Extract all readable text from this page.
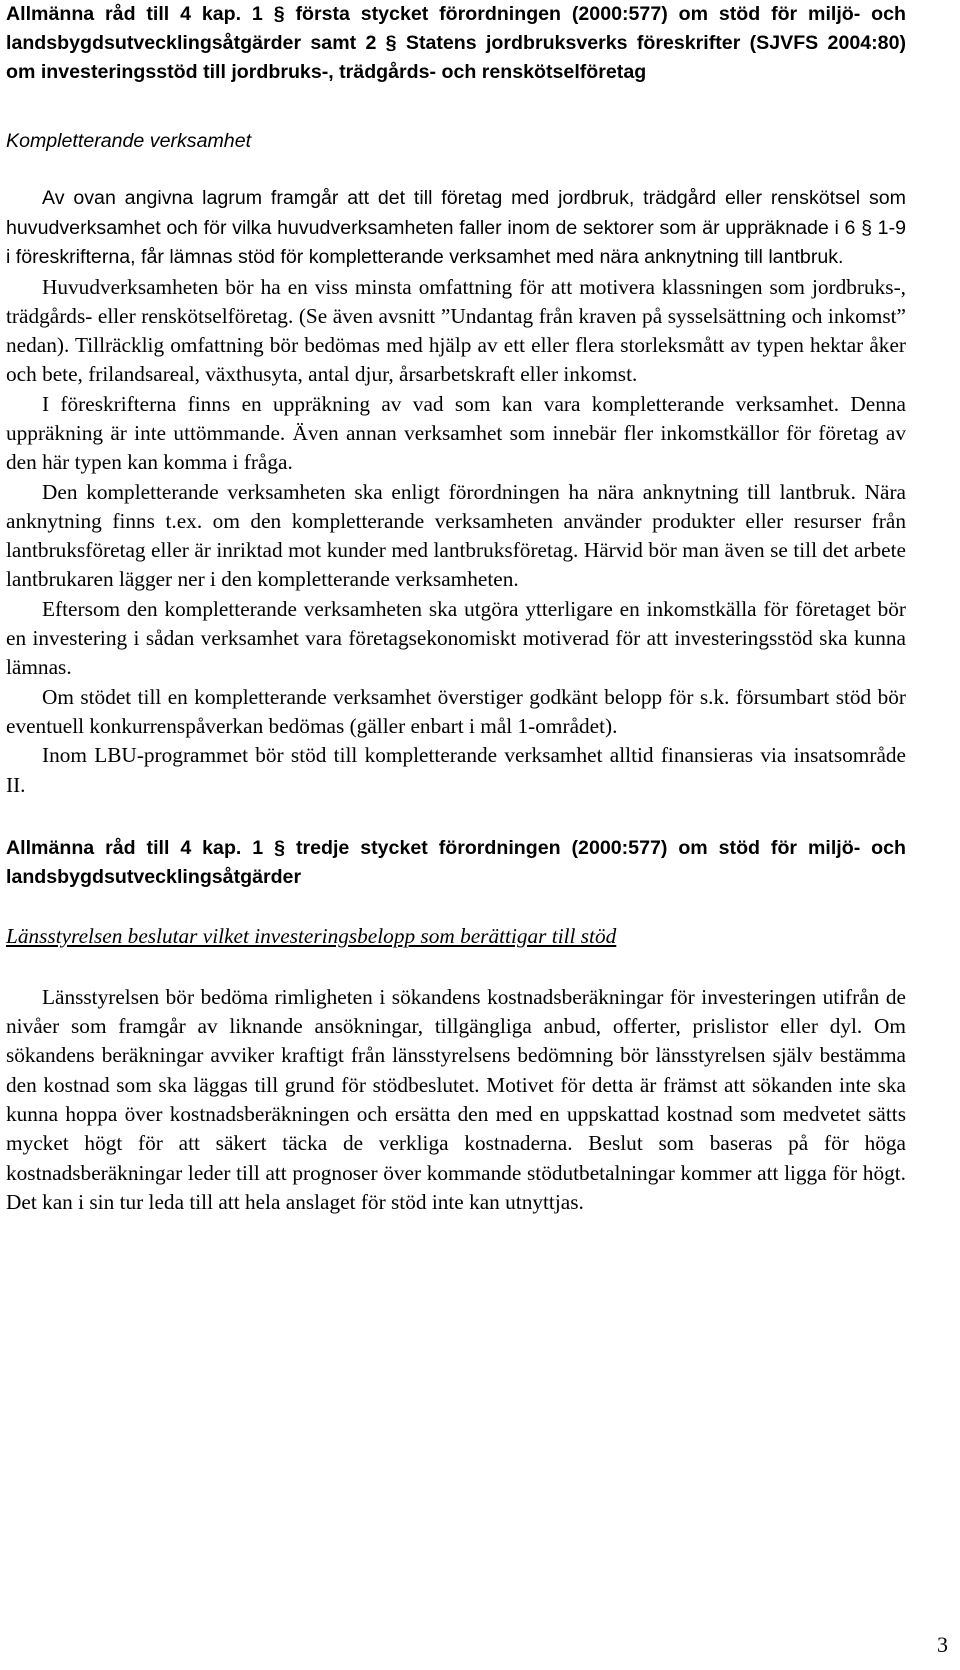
Allmänna råd till 4 kap. 1 § första stycket förordningen (2000:577) om stöd för miljö- och landsbygdsutvecklingsåtgärder samt 2 § Statens jordbruksverks föreskrifter (SJVFS 2004:80) om investeringsstöd till jordbruks-, trädgårds- och renskötselföretag

Kompletterande verksamhet

Av ovan angivna lagrum framgår att det till företag med jordbruk, trädgård eller renskötsel som huvudverksamhet och för vilka huvudverksamheten faller inom de sektorer som är uppräknade i 6 § 1-9 i föreskrifterna, får lämnas stöd för kompletterande verksamhet med nära anknytning till lantbruk.

Huvudverksamheten bör ha en viss minsta omfattning för att motivera klassningen som jordbruks-, trädgårds- eller renskötselföretag. (Se även avsnitt ”Undantag från kraven på sysselsättning och inkomst” nedan). Tillräcklig omfattning bör bedömas med hjälp av ett eller flera storleksmått av typen hektar åker och bete, frilandsareal, växthusyta, antal djur, årsarbetskraft eller inkomst.

I föreskrifterna finns en uppräkning av vad som kan vara kompletterande verksamhet. Denna uppräkning är inte uttömmande. Även annan verksamhet som innebär fler inkomstkällor för företag av den här typen kan komma i fråga.

Den kompletterande verksamheten ska enligt förordningen ha nära anknytning till lantbruk. Nära anknytning finns t.ex. om den kompletterande verksamheten använder produkter eller resurser från lantbruksföretag eller är inriktad mot kunder med lantbruksföretag. Härvid bör man även se till det arbete lantbrukaren lägger ner i den kompletterande verksamheten.

Eftersom den kompletterande verksamheten ska utgöra ytterligare en inkomstkälla för företaget bör en investering i sådan verksamhet vara företagsekonomiskt motiverad för att investeringsstöd ska kunna lämnas.

Om stödet till en kompletterande verksamhet överstiger godkänt belopp för s.k. försumbart stöd bör eventuell konkurrenspåverkan bedömas (gäller enbart i mål 1-området).

Inom LBU-programmet bör stöd till kompletterande verksamhet alltid finansieras via insatsområde II.

Allmänna råd till 4 kap. 1 § tredje stycket förordningen (2000:577) om stöd för miljö- och landsbygdsutvecklingsåtgärder

Länsstyrelsen beslutar vilket investeringsbelopp som berättigar till stöd

Länsstyrelsen bör bedöma rimligheten i sökandens kostnadsberäkningar för investeringen utifrån de nivåer som framgår av liknande ansökningar, tillgängliga anbud, offerter, prislistor eller dyl. Om sökandens beräkningar avviker kraftigt från länsstyrelsens bedömning bör länsstyrelsen själv bestämma den kostnad som ska läggas till grund för stödbeslutet. Motivet för detta är främst att sökanden inte ska kunna hoppa över kostnadsberäkningen och ersätta den med en uppskattad kostnad som medvetet sätts mycket högt för att säkert täcka de verkliga kostnaderna. Beslut som baseras på för höga kostnadsberäkningar leder till att prognoser över kommande stödutbetalningar kommer att ligga för högt. Det kan i sin tur leda till att hela anslaget för stöd inte kan utnyttjas.

3
